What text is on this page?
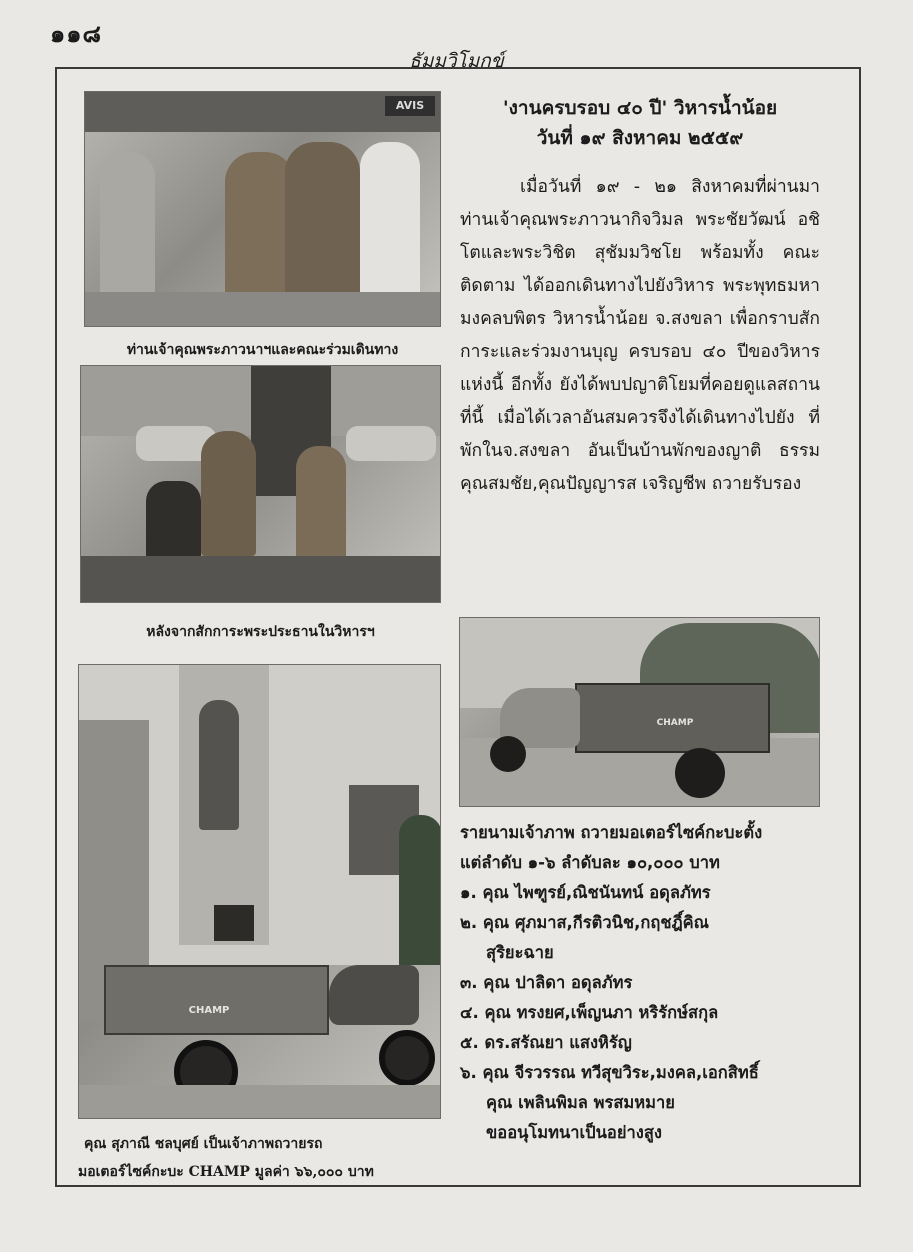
๑๑๘
ธัมมวิโมกข์
AVIS
ท่านเจ้าคุณพระภาวนาฯและคณะร่วมเดินทาง
หลังจากสักการะพระประธานในวิหารฯ
CHAMP
คุณ สุภาณี ชลบุศย์ เป็นเจ้าภาพถวายรถ
มอเตอร์ไซค์กะบะ CHAMP มูลค่า ๖๖,๐๐๐ บาท
'งานครบรอบ ๔๐ ปี' วิหารน้ำน้อย
วันที่ ๑๙ สิงหาคม ๒๕๕๙
เมื่อวันที่ ๑๙ - ๒๑ สิงหาคมที่ผ่านมา ท่านเจ้าคุณพระภาวนากิจวิมล พระชัยวัฒน์ อชิโตและพระวิชิต สุชัมมวิชโย พร้อมทั้ง คณะติดตาม ได้ออกเดินทางไปยังวิหาร พระพุทธมหามงคลบพิตร วิหารน้ำน้อย จ.สงขลา เพื่อกราบสักการะและร่วมงานบุญ ครบรอบ ๔๐ ปีของวิหารแห่งนี้ อีกทั้ง ยังได้พบปญาติโยมที่คอยดูแลสถานที่นี้ เมื่อได้เวลาอันสมควรจึงได้เดินทางไปยัง ที่พักในจ.สงขลา อันเป็นบ้านพักของญาติ ธรรม คุณสมชัย,คุณปัญญารส เจริญชีพ ถวายรับรอง
CHAMP
รายนามเจ้าภาพ ถวายมอเตอร์ไซค์กะบะตั้ง
แต่ลำดับ ๑-๖ ลำดับละ ๑๐,๐๐๐ บาท
๑. คุณ ไพฑูรย์,ณิชนันทน์ อดุลภัทร
๒. คุณ ศุภมาส,กีรติวนิช,กฤชฎิ์คิณ
สุริยะฉาย
๓. คุณ ปาลิดา อดุลภัทร
๔. คุณ ทรงยศ,เพ็ญนภา หริรักษ์สกุล
๕. ดร.สรัณยา แสงหิรัญ
๖. คุณ จีรวรรณ ทวีสุขวิระ,มงคล,เอกสิทธิ์
คุณ เพลินพิมล พรสมหมาย
ขออนุโมทนาเป็นอย่างสูง
